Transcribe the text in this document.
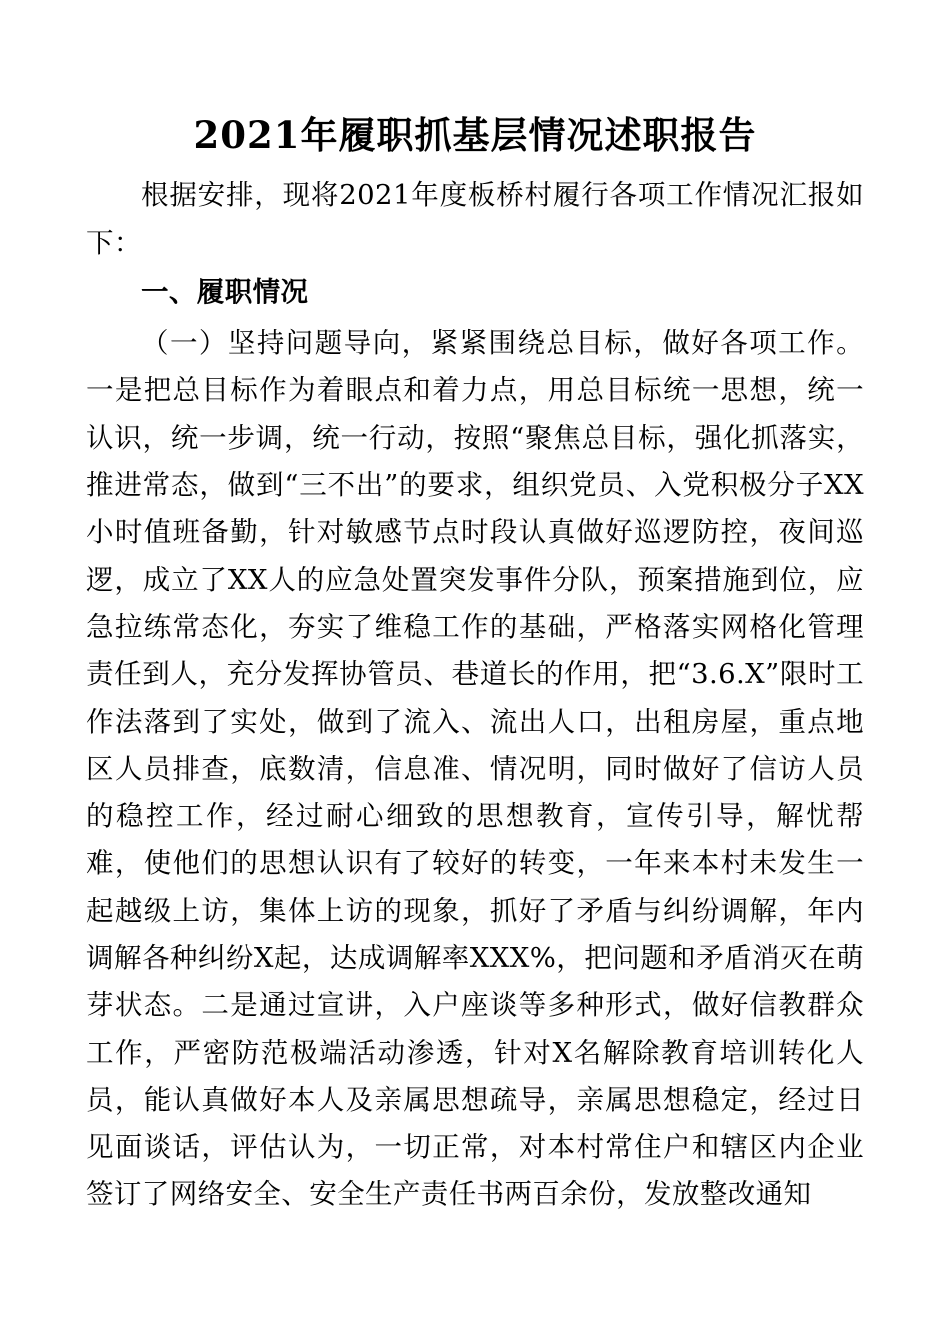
2021年履职抓基层情况述职报告

根据安排，现将2021年度板桥村履行各项工作情况汇报如下：

一、履职情况

（一）坚持问题导向，紧紧围绕总目标，做好各项工作。一是把总目标作为着眼点和着力点，用总目标统一思想，统一认识，统一步调，统一行动，按照“聚焦总目标，强化抓落实，推进常态，做到“三不出”的要求，组织党员、入党积极分子XX小时值班备勤，针对敏感节点时段认真做好巡逻防控，夜间巡逻，成立了XX人的应急处置突发事件分队，预案措施到位，应急拉练常态化，夯实了维稳工作的基础，严格落实网格化管理责任到人，充分发挥协管员、巷道长的作用，把“3.6.X”限时工作法落到了实处，做到了流入、流出人口，出租房屋，重点地区人员排查，底数清，信息准、情况明，同时做好了信访人员的稳控工作，经过耐心细致的思想教育，宣传引导，解忧帮难，使他们的思想认识有了较好的转变，一年来本村未发生一起越级上访，集体上访的现象，抓好了矛盾与纠纷调解，年内调解各种纠纷X起，达成调解率XXX%，把问题和矛盾消灭在萌芽状态。二是通过宣讲，入户座谈等多种形式，做好信教群众工作，严密防范极端活动渗透，针对X名解除教育培训转化人员，能认真做好本人及亲属思想疏导，亲属思想稳定，经过日见面谈话，评估认为，一切正常，对本村常住户和辖区内企业签订了网络安全、安全生产责任书两百余份，发放整改通知
